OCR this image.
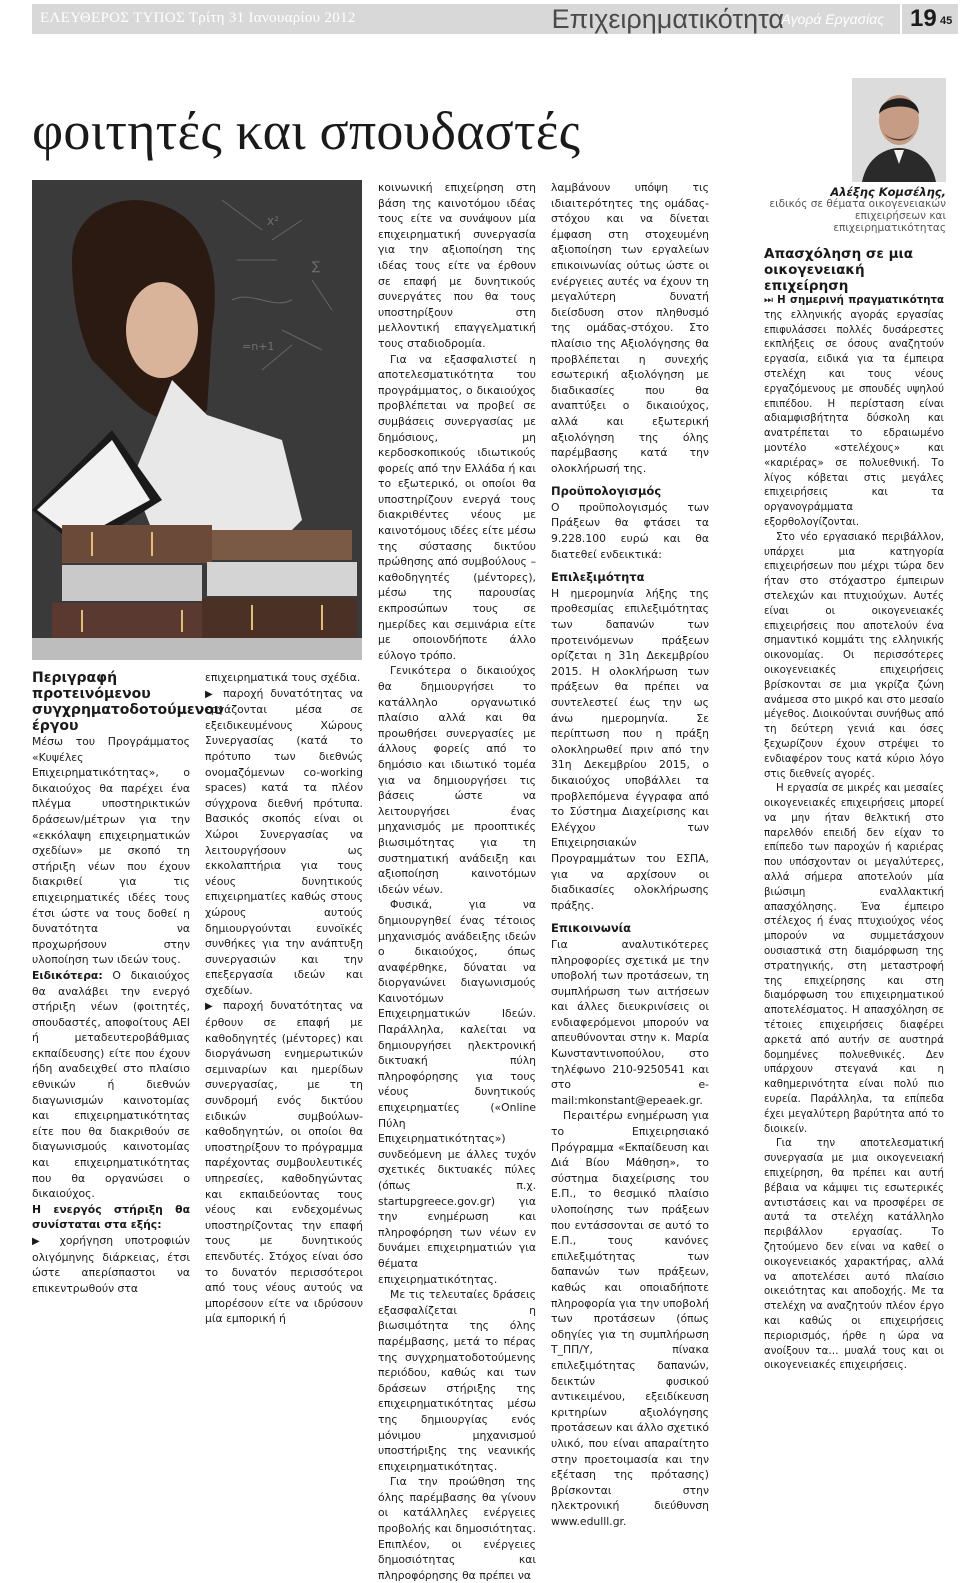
ΕΛΕΥΘΕΡΟΣ ΤΥΠΟΣ Τρίτη 31 Ιανουαρίου 2012	Επιχειρηματικότητα
Αγορά Εργασίας 19 45
φοιτητές και σπουδαστές
x²
∑
=n+1
Αλέξης Κομσέλης,
ειδικός σε θέματα οικογενειακών επιχειρήσεων και επιχειρηματικότητας
Περιγραφή προτεινόμενου συγχρηματοδοτούμενου έργου

Μέσω του Προγράμματος «Κυψέλες Επιχειρηματικότητας», ο δικαιούχος θα παρέχει ένα πλέγμα υποστηρικτικών δράσεων/μέτρων για την «εκκόλαψη επιχειρηματικών σχεδίων» με σκοπό τη στήριξη νέων που έχουν διακριθεί για τις επιχειρηματικές ιδέες τους έτσι ώστε να τους δοθεί η δυνατότητα να προχωρήσουν στην υλοποίηση των ιδεών τους.

Ειδικότερα: Ο δικαιούχος θα αναλάβει την ενεργό στήριξη νέων (φοιτητές, σπουδαστές, αποφοίτους ΑΕΙ ή μεταδευτεροβάθμιας εκπαίδευσης) είτε που έχουν ήδη αναδειχθεί στο πλαίσιο εθνικών ή διεθνών διαγωνισμών καινοτομίας και επιχειρηματικότητας είτε που θα διακριθούν σε διαγωνισμούς καινοτομίας και επιχειρηματικότητας που θα οργανώσει ο δικαιούχος.

Η ενεργός στήριξη θα συνίσταται στα εξής:

▶ χορήγηση υποτροφιών ολιγόμηνης διάρκειας, έτσι ώστε απερίσπαστοι να επικεντρωθούν στα

επιχειρηματικά τους σχέδια.

▶ παροχή δυνατότητας να εργάζονται μέσα σε εξειδικευμένους Χώρους Συνεργασίας (κατά το πρότυπο των διεθνώς ονομαζόμενων co-working spaces) κατά τα πλέον σύγχρονα διεθνή πρότυπα. Βασικός σκοπός είναι οι Χώροι Συνεργασίας να λειτουργήσουν ως εκκολαπτήρια για τους νέους δυνητικούς επιχειρηματίες καθώς στους χώρους αυτούς δημιουργούνται ευνοϊκές συνθήκες για την ανάπτυξη συνεργασιών και την επεξεργασία ιδεών και σχεδίων.

▶ παροχή δυνατότητας να έρθουν σε επαφή με καθοδηγητές (μέντορες) και διοργάνωση ενημερωτικών σεμιναρίων και ημερίδων συνεργασίας, με τη συνδρομή ενός δικτύου ειδικών συμβούλων-καθοδηγητών, οι οποίοι θα υποστηρίξουν το πρόγραμμα παρέχοντας συμβουλευτικές υπηρεσίες, καθοδηγώντας και εκπαιδεύοντας τους νέους και ενδεχομένως υποστηρίζοντας την επαφή τους με δυνητικούς επενδυτές. Στόχος είναι όσο το δυνατόν περισσότεροι από τους νέους αυτούς να μπορέσουν είτε να ιδρύσουν μία εμπορική ή

κοινωνική επιχείρηση στη βάση της καινοτόμου ιδέας τους είτε να συνάψουν μία επιχειρηματική συνεργασία για την αξιοποίηση της ιδέας τους είτε να έρθουν σε επαφή με δυνητικούς συνεργάτες που θα τους υποστηρίξουν στη μελλοντική επαγγελματική τους σταδιοδρομία.

Για να εξασφαλιστεί η αποτελεσματικότητα του προγράμματος, ο δικαιούχος προβλέπεται να προβεί σε συμβάσεις συνεργασίας με δημόσιους, μη κερδοσκοπικούς ιδιωτικούς φορείς από την Ελλάδα ή και το εξωτερικό, οι οποίοι θα υποστηρίζουν ενεργά τους διακριθέντες νέους με καινοτόμους ιδέες είτε μέσω της σύστασης δικτύου πρώθησης από συμβούλους – καθοδηγητές (μέντορες), μέσω της παρουσίας εκπροσώπων τους σε ημερίδες και σεμινάρια είτε με οποιονδήποτε άλλο εύλογο τρόπο.

Γενικότερα ο δικαιούχος θα δημιουργήσει το κατάλληλο οργανωτικό πλαίσιο αλλά και θα προωθήσει συνεργασίες με άλλους φορείς από το δημόσιο και ιδιωτικό τομέα για να δημιουργήσει τις βάσεις ώστε να λειτουργήσει ένας μηχανισμός με προοπτικές βιωσιμότητας για τη συστηματική ανάδειξη και αξιοποίηση καινοτόμων ιδεών νέων.

Φυσικά, για να δημιουργηθεί ένας τέτοιος μηχανισμός ανάδειξης ιδεών ο δικαιούχος, όπως αναφέρθηκε, δύναται να διοργανώνει διαγωνισμούς Καινοτόμων Επιχειρηματικών Ιδεών. Παράλληλα, καλείται να δημιουργήσει ηλεκτρονική δικτυακή πύλη πληροφόρησης για τους νέους δυνητικούς επιχειρηματίες («Online Πύλη Επιχειρηματικότητας») συνδεόμενη με άλλες τυχόν σχετικές δικτυακές πύλες (όπως π.χ. startupgreece.gov.gr) για την ενημέρωση και πληροφόρηση των νέων εν δυνάμει επιχειρηματιών για θέματα επιχειρηματικότητας.

Με τις τελευταίες δράσεις εξασφαλίζεται η βιωσιμότητα της όλης παρέμβασης, μετά το πέρας της συγχρηματοδοτούμενης περιόδου, καθώς και των δράσεων στήριξης της επιχειρηματικότητας μέσω της δημιουργίας ενός μόνιμου μηχανισμού υποστήριξης της νεανικής επιχειρηματικότητας.

Για την προώθηση της όλης παρέμβασης θα γίνουν οι κατάλληλες ενέργειες προβολής και δημοσιότητας. Επιπλέον, οι ενέργειες δημοσιότητας και πληροφόρησης θα πρέπει να

λαμβάνουν υπόψη τις ιδιαιτερότητες της ομάδας-στόχου και να δίνεται έμφαση στη στοχευμένη αξιοποίηση των εργαλείων επικοινωνίας ούτως ώστε οι ενέργειες αυτές να έχουν τη μεγαλύτερη δυνατή διείσδυση στον πληθυσμό της ομάδας-στόχου. Στο πλαίσιο της Αξιολόγησης θα προβλέπεται η συνεχής εσωτερική αξιολόγηση με διαδικασίες που θα αναπτύξει ο δικαιούχος, αλλά και εξωτερική αξιολόγηση της όλης παρέμβασης κατά την ολοκλήρωσή της.

Προϋπολογισμός

Ο προϋπολογισμός των Πράξεων θα φτάσει τα 9.228.100 ευρώ και θα διατεθεί ενδεικτικά:

Επιλεξιμότητα

Η ημερομηνία λήξης της προθεσμίας επιλεξιμότητας των δαπανών των προτεινόμενων πράξεων ορίζεται η 31η Δεκεμβρίου 2015. Η ολοκλήρωση των πράξεων θα πρέπει να συντελεστεί έως την ως άνω ημερομηνία. Σε περίπτωση που η πράξη ολοκληρωθεί πριν από την 31η Δεκεμβρίου 2015, ο δικαιούχος υποβάλλει τα προβλεπόμενα έγγραφα από το Σύστημα Διαχείρισης και Ελέγχου των Επιχειρησιακών Προγραμμάτων του ΕΣΠΑ, για να αρχίσουν οι διαδικασίες ολοκλήρωσης πράξης.

Επικοινωνία

Για αναλυτικότερες πληροφορίες σχετικά με την υποβολή των προτάσεων, τη συμπλήρωση των αιτήσεων και άλλες διευκρινίσεις οι ενδιαφερόμενοι μπορούν να απευθύνονται στην κ. Μαρία Κωνσταντινοπούλου, στο τηλέφωνο 210-9250541 και στο e-mail:mkonstant@epeaek.gr.

Περαιτέρω ενημέρωση για το Επιχειρησιακό Πρόγραμμα «Εκπαίδευση και Διά Βίου Μάθηση», το σύστημα διαχείρισης του Ε.Π., το θεσμικό πλαίσιο υλοποίησης των πράξεων που εντάσσονται σε αυτό το Ε.Π., τους κανόνες επιλεξιμότητας των δαπανών των πράξεων, καθώς και οποιαδήποτε πληροφορία για την υποβολή των προτάσεων (όπως οδηγίες για τη συμπλήρωση Τ_ΠΠ/Υ, πίνακα επιλεξιμότητας δαπανών, δεικτών φυσικού αντικειμένου, εξειδίκευση κριτηρίων αξιολόγησης προτάσεων και άλλο σχετικό υλικό, που είναι απαραίτητο στην προετοιμασία και την εξέταση της πρότασης) βρίσκονται στην ηλεκτρονική διεύθυνση www.edulll.gr.

Απασχόληση σε μια οικογενειακή επιχείρηση

⏭ Η σημερινή πραγματικότητα της ελληνικής αγοράς εργασίας επιφυλάσσει πολλές δυσάρεστες εκπλήξεις σε όσους αναζητούν εργασία, ειδικά για τα έμπειρα στελέχη και τους νέους εργαζόμενους με σπουδές υψηλού επιπέδου. Η περίσταση είναι αδιαμφισβήτητα δύσκολη και ανατρέπεται το εδραιωμένο μοντέλο «στελέχους» και «καριέρας» σε πολυεθνική. Το λίγος κόβεται στις μεγάλες επιχειρήσεις και τα οργανογράμματα εξορθολογίζονται.

Στο νέο εργασιακό περιβάλλον, υπάρχει μια κατηγορία επιχειρήσεων που μέχρι τώρα δεν ήταν στο στόχαστρο έμπειρων στελεχών και πτυχιούχων. Αυτές είναι οι οικογενειακές επιχειρήσεις που αποτελούν ένα σημαντικό κομμάτι της ελληνικής οικονομίας. Οι περισσότερες οικογενειακές επιχειρήσεις βρίσκονται σε μια γκρίζα ζώνη ανάμεσα στο μικρό και στο μεσαίο μέγεθος. Διοικούνται συνήθως από τη δεύτερη γενιά και όσες ξεχωρίζουν έχουν στρέψει το ενδιαφέρον τους κατά κύριο λόγο στις διεθνείς αγορές.

Η εργασία σε μικρές και μεσαίες οικογενειακές επιχειρήσεις μπορεί να μην ήταν θελκτική στο παρελθόν επειδή δεν είχαν το επίπεδο των παροχών ή καριέρας που υπόσχονταν οι μεγαλύτερες, αλλά σήμερα αποτελούν μία βιώσιμη εναλλακτική απασχόλησης. Ένα έμπειρο στέλεχος ή ένας πτυχιούχος νέος μπορούν να συμμετάσχουν ουσιαστικά στη διαμόρφωση της στρατηγικής, στη μεταστροφή της επιχείρησης και στη διαμόρφωση του επιχειρηματικού αποτελέσματος. Η απασχόληση σε τέτοιες επιχειρήσεις διαφέρει αρκετά από αυτήν σε αυστηρά δομημένες πολυεθνικές. Δεν υπάρχουν στεγανά και η καθημερινότητα είναι πολύ πιο ευρεία. Παράλληλα, τα επίπεδα έχει μεγαλύτερη βαρύτητα από το διοικείν.

Για την αποτελεσματική συνεργασία με μια οικογενειακή επιχείρηση, θα πρέπει και αυτή βέβαια να κάμψει τις εσωτερικές αντιστάσεις και να προσφέρει σε αυτά τα στελέχη κατάλληλο περιβάλλον εργασίας. Το ζητούμενο δεν είναι να καθεί ο οικογενειακός χαρακτήρας, αλλά να αποτελέσει αυτό πλαίσιο οικειότητας και αποδοχής. Με τα στελέχη να αναζητούν πλέον έργο και καθώς οι επιχειρήσεις περιορισμός, ήρθε η ώρα να ανοίξουν τα… μυαλά τους και οι οικογενειακές επιχειρήσεις.
